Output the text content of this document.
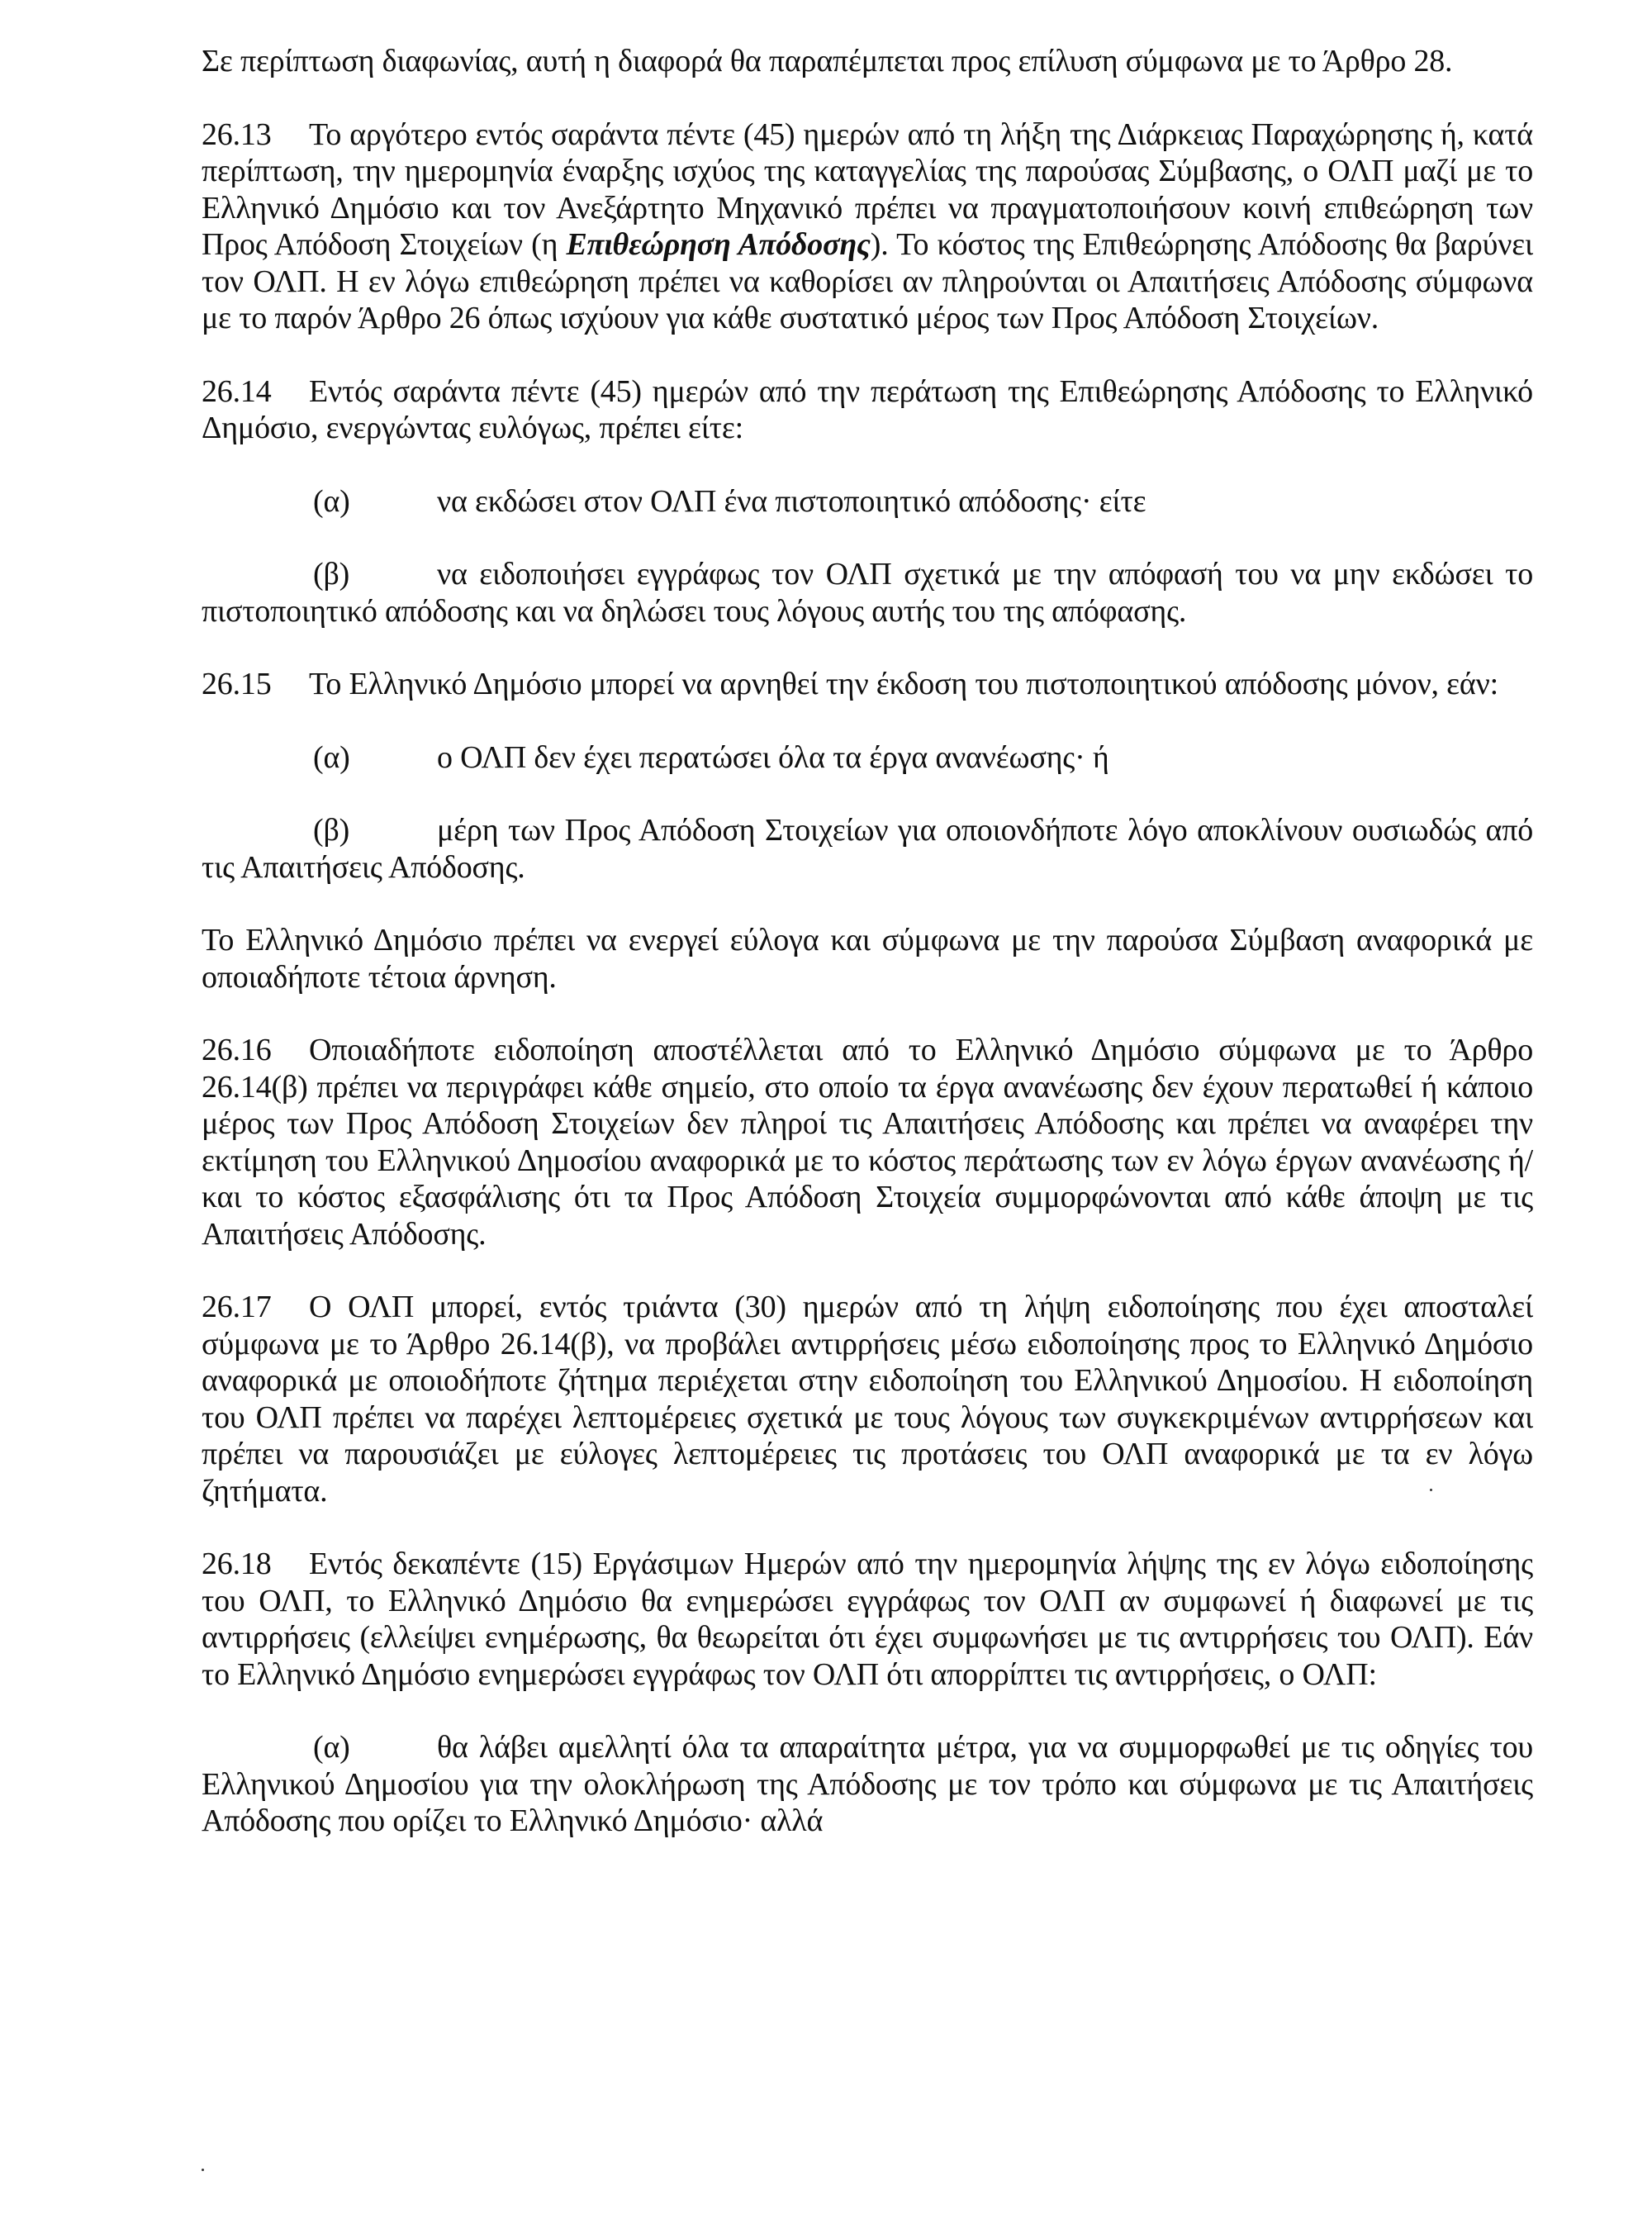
Σε περίπτωση διαφωνίας, αυτή η διαφορά θα παραπέμπεται προς επίλυση σύμφωνα με το Άρθρο 28.

26.13 Το αργότερο εντός σαράντα πέντε (45) ημερών από τη λήξη της Διάρκειας Παραχώρησης ή, κατά περίπτωση, την ημερομηνία έναρξης ισχύος της καταγγελίας της παρούσας Σύμβασης, ο ΟΛΠ μαζί με το Ελληνικό Δημόσιο και τον Ανεξάρτητο Μηχανικό πρέπει να πραγματοποιήσουν κοινή επιθεώρηση των Προς Απόδοση Στοιχείων (η Επιθεώρηση Απόδοσης). Το κόστος της Επιθεώρησης Απόδοσης θα βαρύνει τον ΟΛΠ. Η εν λόγω επιθεώρηση πρέπει να καθορίσει αν πληρούνται οι Απαιτήσεις Απόδοσης σύμφωνα με το παρόν Άρθρο 26 όπως ισχύουν για κάθε συστατικό μέρος των Προς Απόδοση Στοιχείων.

26.14 Εντός σαράντα πέντε (45) ημερών από την περάτωση της Επιθεώρησης Απόδοσης το Ελληνικό Δημόσιο, ενεργώντας ευλόγως, πρέπει είτε:

(α)	να εκδώσει στον ΟΛΠ ένα πιστοποιητικό απόδοσης· είτε

(β)	να ειδοποιήσει εγγράφως τον ΟΛΠ σχετικά με την απόφασή του να μην εκδώσει το πιστοποιητικό απόδοσης και να δηλώσει τους λόγους αυτής του της απόφασης.

26.15 Το Ελληνικό Δημόσιο μπορεί να αρνηθεί την έκδοση του πιστοποιητικού απόδοσης μόνον, εάν:

(α)	ο ΟΛΠ δεν έχει περατώσει όλα τα έργα ανανέωσης· ή

(β)	μέρη των Προς Απόδοση Στοιχείων για οποιονδήποτε λόγο αποκλίνουν ουσιωδώς από τις Απαιτήσεις Απόδοσης.

Το Ελληνικό Δημόσιο πρέπει να ενεργεί εύλογα και σύμφωνα με την παρούσα Σύμβαση αναφορικά με οποιαδήποτε τέτοια άρνηση.

26.16 Οποιαδήποτε ειδοποίηση αποστέλλεται από το Ελληνικό Δημόσιο σύμφωνα με το Άρθρο 26.14(β) πρέπει να περιγράφει κάθε σημείο, στο οποίο τα έργα ανανέωσης δεν έχουν περατωθεί ή κάποιο μέρος των Προς Απόδοση Στοιχείων δεν πληροί τις Απαιτήσεις Απόδοσης και πρέπει να αναφέρει την εκτίμηση του Ελληνικού Δημοσίου αναφορικά με το κόστος περάτωσης των εν λόγω έργων ανανέωσης ή/και το κόστος εξασφάλισης ότι τα Προς Απόδοση Στοιχεία συμμορφώνονται από κάθε άποψη με τις Απαιτήσεις Απόδοσης.

26.17 Ο ΟΛΠ μπορεί, εντός τριάντα (30) ημερών από τη λήψη ειδοποίησης που έχει αποσταλεί σύμφωνα με το Άρθρο 26.14(β), να προβάλει αντιρρήσεις μέσω ειδοποίησης προς το Ελληνικό Δημόσιο αναφορικά με οποιοδήποτε ζήτημα περιέχεται στην ειδοποίηση του Ελληνικού Δημοσίου. Η ειδοποίηση του ΟΛΠ πρέπει να παρέχει λεπτομέρειες σχετικά με τους λόγους των συγκεκριμένων αντιρρήσεων και πρέπει να παρουσιάζει με εύλογες λεπτομέρειες τις προτάσεις του ΟΛΠ αναφορικά με τα εν λόγω ζητήματα.

26.18 Εντός δεκαπέντε (15) Εργάσιμων Ημερών από την ημερομηνία λήψης της εν λόγω ειδοποίησης του ΟΛΠ, το Ελληνικό Δημόσιο θα ενημερώσει εγγράφως τον ΟΛΠ αν συμφωνεί ή διαφωνεί με τις αντιρρήσεις (ελλείψει ενημέρωσης, θα θεωρείται ότι έχει συμφωνήσει με τις αντιρρήσεις του ΟΛΠ). Εάν το Ελληνικό Δημόσιο ενημερώσει εγγράφως τον ΟΛΠ ότι απορρίπτει τις αντιρρήσεις, ο ΟΛΠ:

(α)	θα λάβει αμελλητί όλα τα απαραίτητα μέτρα, για να συμμορφωθεί με τις οδηγίες του Ελληνικού Δημοσίου για την ολοκλήρωση της Απόδοσης με τον τρόπο και σύμφωνα με τις Απαιτήσεις Απόδοσης που ορίζει το Ελληνικό Δημόσιο· αλλά
